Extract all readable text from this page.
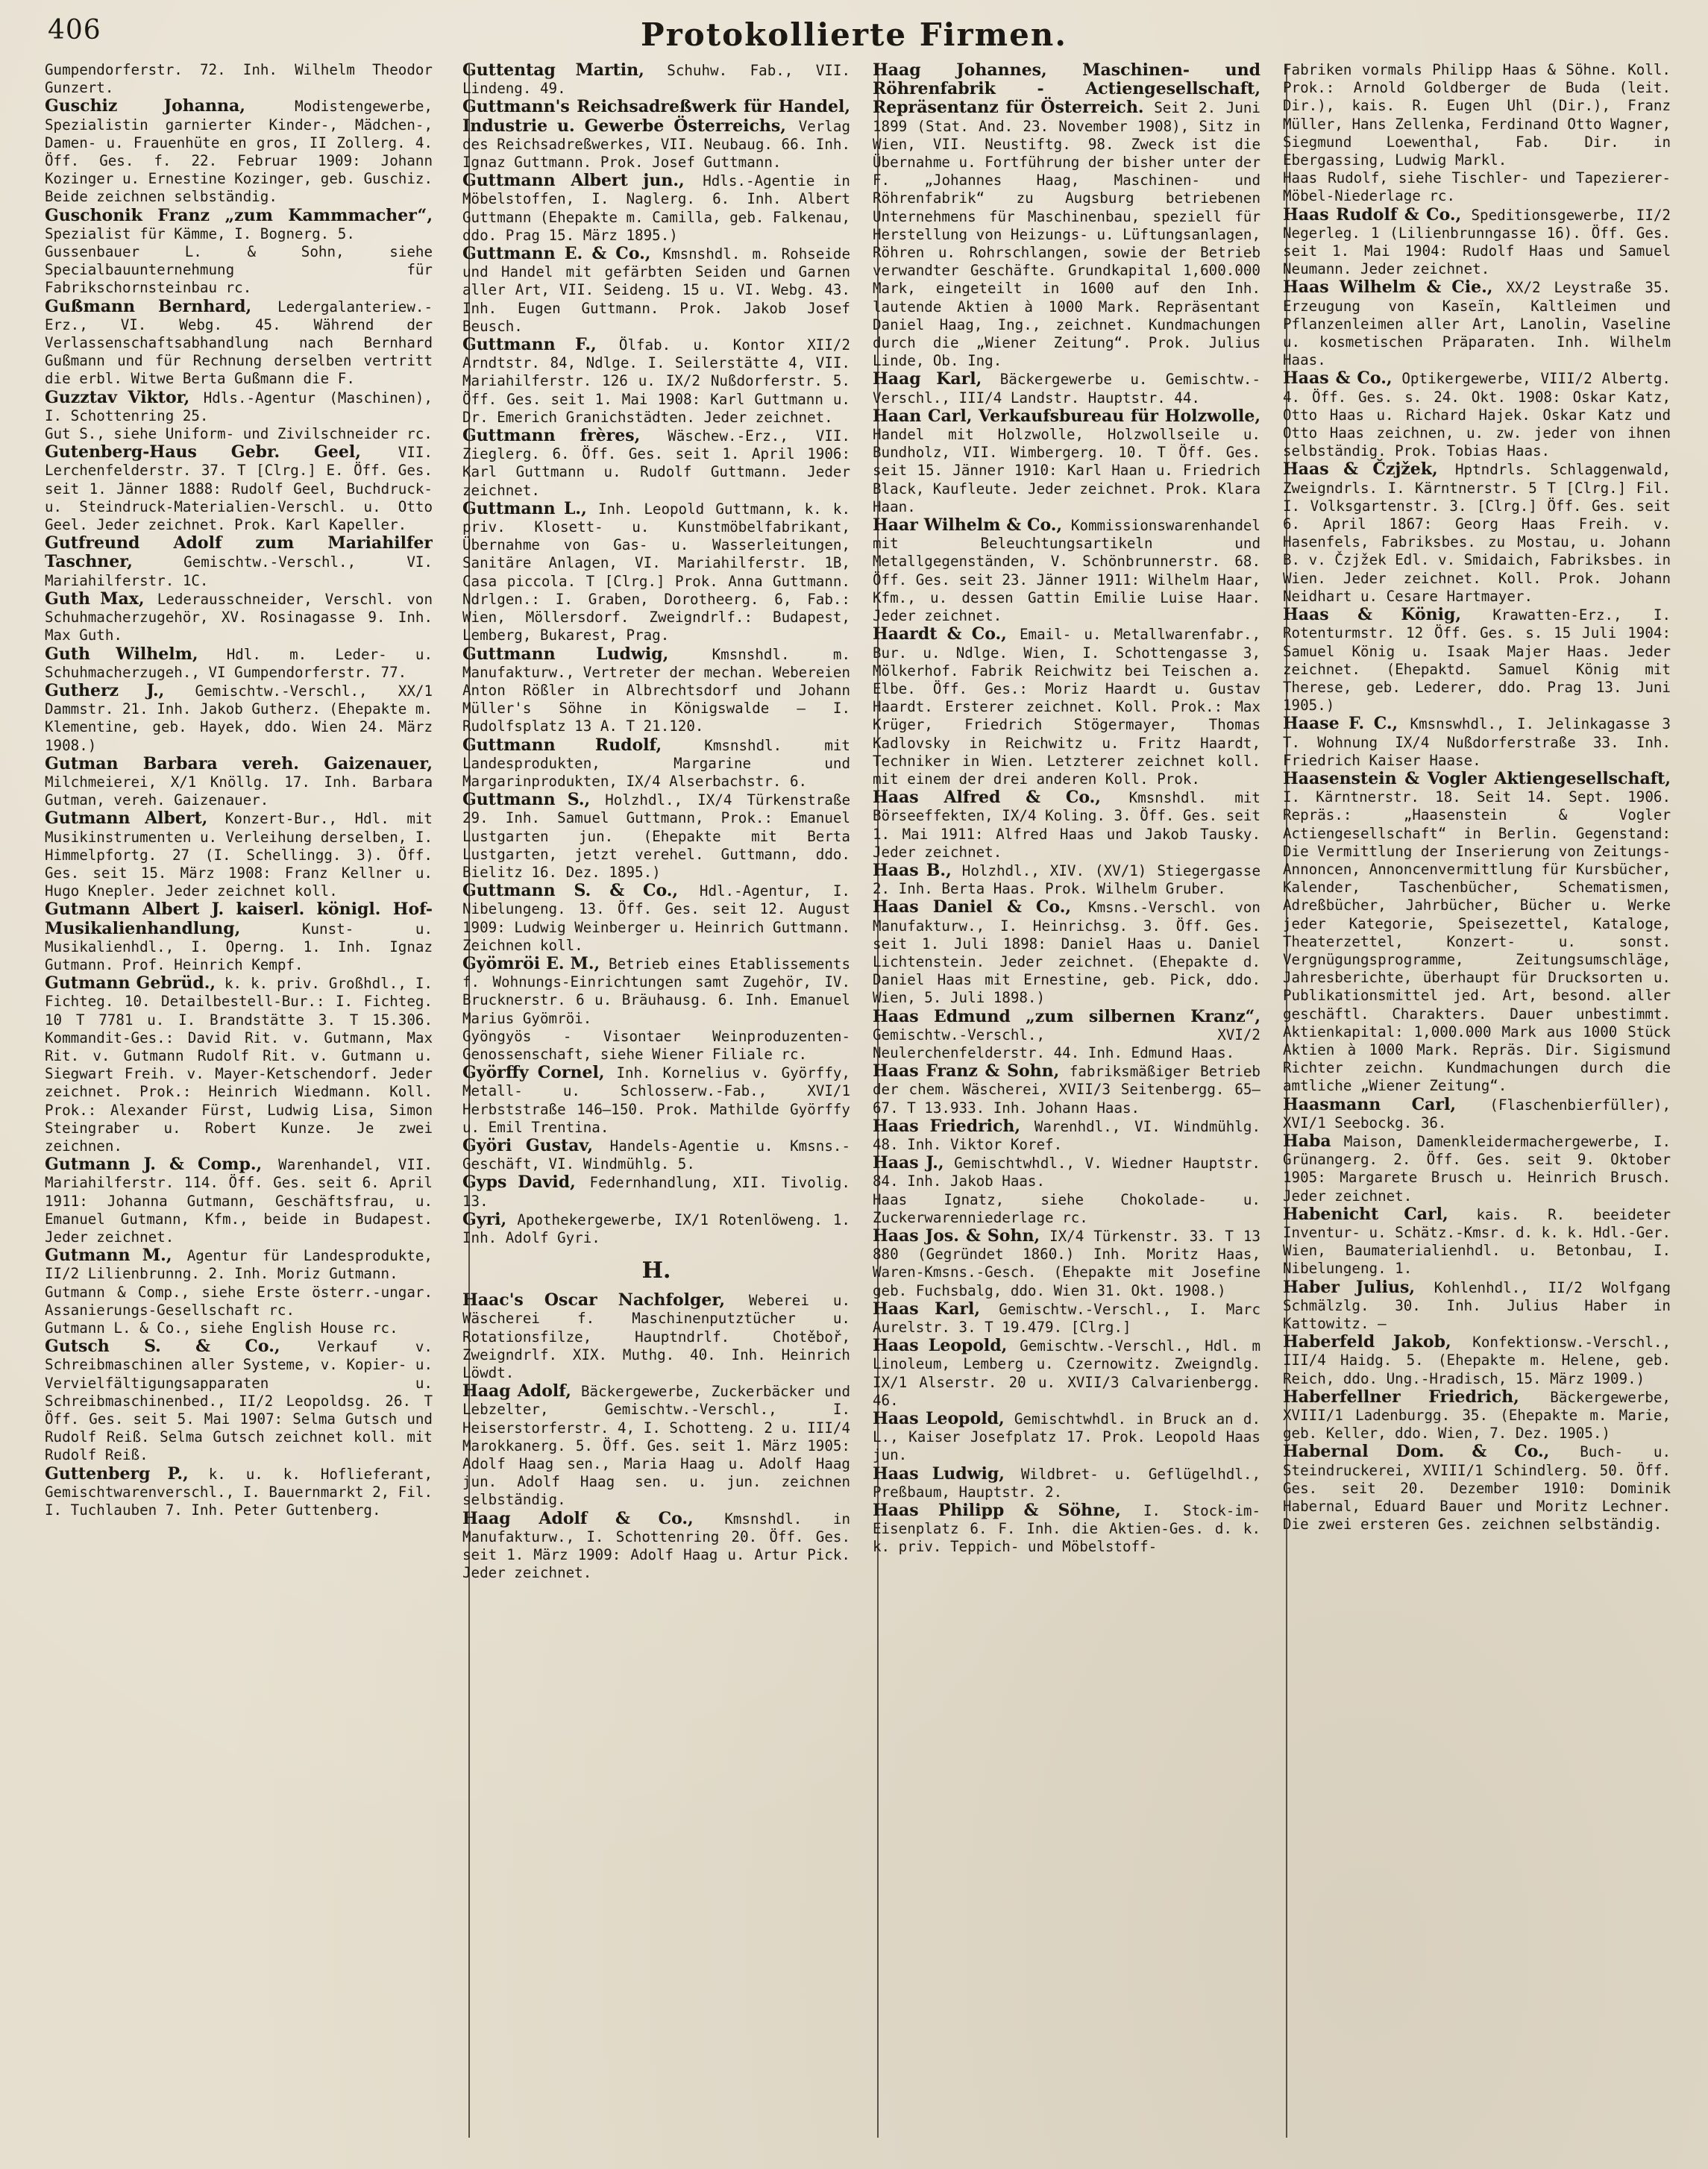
406	Protokollierte Firmen.

Gumpendorferstr. 72. Inh. Wilhelm Theodor Gunzert.

Guschiz Johanna,	Modistengewerbe, Spezialistin garnierter Kinder-, Mädchen-, Damen- u. Frauenhüte en gros, II Zollerg. 4. Öff. Ges. f. 22. Februar 1909: Johann Kozinger u. Ernestine Kozinger, geb. Guschiz. Beide zeichnen selbständig.

Guschonik Franz „zum Kammmacher“, Spezialist für Kämme, I. Bognerg. 5.

Gussenbauer L. & Sohn, siehe Specialbauunternehmung für Fabrikschornsteinbau rc.

Gußmann Bernhard, Ledergalanteriew.-Erz., VI. Webg. 45. Während der Verlassenschaftsabhandlung nach Bernhard Gußmann und für Rechnung derselben vertritt die erbl. Witwe Berta Gußmann die F.

Guzztav Viktor, Hdls.-Agentur (Maschinen), I. Schottenring 25.

Gut S., siehe Uniform- und Zivilschneider rc.

Gutenberg-Haus Gebr. Geel,	VII. Lerchenfelderstr. 37. T [Clrg.] E. Öff. Ges. seit 1. Jänner 1888: Rudolf Geel, Buchdruck- u. Steindruck-Materialien-Verschl. u. Otto Geel. Jeder zeichnet. Prok. Karl Kapeller.

Gutfreund Adolf zum Mariahilfer Taschner,	Gemischtw.-Verschl., VI. Mariahilferstr. 1C.

Guth Max, Lederausschneider, Verschl. von Schuhmacherzugehör, XV. Rosinagasse 9. Inh. Max Guth.

Guth Wilhelm, Hdl. m. Leder- u. Schuhmacherzugeh., VI Gumpendorferstr. 77.

Gutherz J., Gemischtw.-Verschl., XX/1 Dammstr. 21. Inh. Jakob Gutherz. (Ehepakte m. Klementine, geb. Hayek, ddo. Wien 24. März 1908.)

Gutman Barbara vereh. Gaizenauer, Milchmeierei, X/1 Knöllg. 17. Inh. Barbara Gutman, vereh. Gaizenauer.

Gutmann Albert, Konzert-Bur., Hdl. mit Musikinstrumenten u. Verleihung derselben, I. Himmelpfortg. 27 (I. Schellingg. 3). Öff. Ges. seit 15. März 1908: Franz Kellner u. Hugo Knepler. Jeder zeichnet koll.

Gutmann Albert J. kaiserl. königl. Hof-Musikalienhandlung,	Kunst- u. Musikalienhdl., I. Operng. 1. Inh. Ignaz Gutmann. Prof. Heinrich Kempf.

Gutmann Gebrüd., k. k. priv. Großhdl., I. Fichteg. 10. Detailbestell-Bur.: I. Fichteg. 10 T 7781 u. I. Brandstätte 3. T 15.306. Kommandit-Ges.: David Rit. v. Gutmann, Max Rit. v. Gutmann Rudolf Rit. v. Gutmann u. Siegwart Freih. v. Mayer-Ketschendorf. Jeder zeichnet. Prok.: Heinrich Wiedmann. Koll. Prok.: Alexander Fürst, Ludwig Lisa, Simon Steingraber u. Robert Kunze. Je zwei zeichnen.

Gutmann J. & Comp., Warenhandel, VII. Mariahilferstr. 114. Öff. Ges. seit 6. April 1911: Johanna Gutmann, Geschäftsfrau, u. Emanuel Gutmann, Kfm., beide in Budapest. Jeder zeichnet.

Gutmann M., Agentur für Landesprodukte, II/2 Lilienbrunng. 2. Inh. Moriz Gutmann.

Gutmann & Comp., siehe Erste österr.-ungar. Assanierungs-Gesellschaft rc.

Gutmann L. & Co., siehe English House rc.

Gutsch S. & Co.,	Verkauf v. Schreibmaschinen aller Systeme, v. Kopier- u. Vervielfältigungsapparaten u. Schreibmaschinenbed., II/2 Leopoldsg. 26. T Öff. Ges. seit 5. Mai 1907: Selma Gutsch und Rudolf Reiß. Selma Gutsch zeichnet koll. mit Rudolf Reiß.

Guttenberg P., k. u. k. Hoflieferant, Gemischtwarenverschl., I. Bauernmarkt 2, Fil. I. Tuchlauben 7. Inh. Peter Guttenberg.

Guttentag Martin, Schuhw. Fab., VII. Lindeng. 49.

Guttmann's Reichsadreßwerk für Handel, Industrie u. Gewerbe Österreichs, Verlag des Reichsadreßwerkes, VII. Neubaug. 66. Inh. Ignaz Guttmann. Prok. Josef Guttmann.

Guttmann Albert jun., Hdls.-Agentie in Möbelstoffen, I. Naglerg. 6. Inh. Albert Guttmann (Ehepakte m. Camilla, geb. Falkenau, ddo. Prag 15. März 1895.)

Guttmann E. & Co., Kmsnshdl. m. Rohseide und Handel mit gefärbten Seiden und Garnen aller Art, VII. Seideng. 15 u. VI. Webg. 43. Inh. Eugen Guttmann. Prok. Jakob Josef Beusch.

Guttmann F., Ölfab. u. Kontor XII/2 Arndtstr. 84, Ndlge. I. Seilerstätte 4, VII. Mariahilferstr. 126 u. IX/2 Nußdorferstr. 5. Öff. Ges. seit 1. Mai 1908: Karl Guttmann u. Dr. Emerich Granichstädten. Jeder zeichnet.

Guttmann frères, Wäschew.-Erz., VII. Zieglerg. 6. Öff. Ges. seit 1. April 1906: Karl Guttmann u. Rudolf Guttmann. Jeder zeichnet.

Guttmann L., Inh. Leopold Guttmann, k. k. priv. Klosett- u. Kunstmöbelfabrikant, Übernahme von Gas- u. Wasserleitungen, Sanitäre Anlagen, VI. Mariahilferstr. 1B, Casa piccola. T [Clrg.] Prok. Anna Guttmann. Ndrlgen.: I. Graben, Dorotheerg. 6, Fab.: Wien, Möllersdorf. Zweigndrlf.: Budapest, Lemberg, Bukarest, Prag.

Guttmann Ludwig,	Kmsnshdl. m. Manufakturw., Vertreter der mechan. Webereien Anton Rößler in Albrechtsdorf und Johann Müller's Söhne in Königswalde — I. Rudolfsplatz 13 A. T 21.120.

Guttmann Rudolf,	Kmsnshdl. mit Landesprodukten, Margarine und Margarinprodukten, IX/4 Alserbachstr. 6.

Guttmann S., Holzhdl., IX/4 Türkenstraße 29. Inh. Samuel Guttmann, Prok.: Emanuel Lustgarten jun. (Ehepakte mit Berta Lustgarten, jetzt verehel. Guttmann, ddo. Bielitz 16. Dez. 1895.)

Guttmann S. & Co., Hdl.-Agentur, I. Nibelungeng. 13. Öff. Ges. seit 12. August 1909: Ludwig Weinberger u. Heinrich Guttmann. Zeichnen koll.

Gyömröi E. M., Betrieb eines Etablissements f. Wohnungs-Einrichtungen samt Zugehör, IV. Brucknerstr. 6 u. Bräuhausg. 6. Inh. Emanuel Marius Gyömröi.

Gyöngyös - Visontaer Weinproduzenten-Genossenschaft, siehe Wiener Filiale rc.

Györffy Cornel, Inh. Kornelius v. Györffy, Metall- u. Schlosserw.-Fab., XVI/1 Herbststraße 146—150. Prok. Mathilde Györffy u. Emil Trentina.

Györi Gustav, Handels-Agentie u. Kmsns.-Geschäft, VI. Windmühlg. 5.

Gyps David, Federnhandlung, XII. Tivolig. 13.

Gyri, Apothekergewerbe, IX/1 Rotenlöweng. 1. Inh. Adolf Gyri.

H.

Haac's Oscar Nachfolger, Weberei u. Wäscherei f. Maschinenputztücher u. Rotationsfilze, Hauptndrlf. Chotěboř, Zweigndrlf. XIX. Muthg. 40. Inh. Heinrich Löwdt.

Haag Adolf, Bäckergewerbe, Zuckerbäcker und Lebzelter, Gemischtw.-Verschl., I. Heiserstorferstr. 4, I. Schotteng. 2 u. III/4 Marokkanerg. 5. Öff. Ges. seit 1. März 1905: Adolf Haag sen., Maria Haag u. Adolf Haag jun. Adolf Haag sen. u. jun. zeichnen selbständig.

Haag Adolf & Co., Kmsnshdl. in Manufakturw., I. Schottenring 20. Öff. Ges. seit 1. März 1909: Adolf Haag u. Artur Pick. Jeder zeichnet.

Haag Johannes, Maschinen- und Röhrenfabrik - Actiengesellschaft, Repräsentanz für Österreich. Seit 2. Juni 1899 (Stat. And. 23. November 1908), Sitz in Wien, VII. Neustiftg. 98. Zweck ist die Übernahme u. Fortführung der bisher unter der F. „Johannes Haag, Maschinen- und Röhrenfabrik“ zu Augsburg betriebenen Unternehmens für Maschinenbau, speziell für Herstellung von Heizungs- u. Lüftungsanlagen, Röhren u. Rohrschlangen, sowie der Betrieb verwandter Geschäfte. Grundkapital 1,600.000 Mark, eingeteilt in 1600 auf den Inh. lautende Aktien à 1000 Mark. Repräsentant Daniel Haag, Ing., zeichnet. Kundmachungen durch die „Wiener Zeitung“. Prok. Julius Linde, Ob. Ing.

Haag Karl, Bäckergewerbe u. Gemischtw.-Verschl., III/4 Landstr. Hauptstr. 44.

Haan Carl, Verkaufsbureau für Holzwolle, Handel mit Holzwolle, Holzwollseile u. Bundholz, VII. Wimbergerg. 10. T Öff. Ges. seit 15. Jänner 1910: Karl Haan u. Friedrich Black, Kaufleute. Jeder zeichnet. Prok. Klara Haan.

Haar Wilhelm & Co., Kommissionswarenhandel mit Beleuchtungsartikeln und Metallgegenständen, V. Schönbrunnerstr. 68. Öff. Ges. seit 23. Jänner 1911: Wilhelm Haar, Kfm., u. dessen Gattin Emilie Luise Haar. Jeder zeichnet.

Haardt & Co., Email- u. Metallwarenfabr., Bur. u. Ndlge. Wien, I. Schottengasse 3, Mölkerhof. Fabrik Reichwitz bei Teischen a. Elbe. Öff. Ges.: Moriz Haardt u. Gustav Haardt. Ersterer zeichnet. Koll. Prok.: Max Krüger, Friedrich Stögermayer, Thomas Kadlovsky in Reichwitz u. Fritz Haardt, Techniker in Wien. Letzterer zeichnet koll. mit einem der drei anderen Koll. Prok.

Haas Alfred & Co., Kmsnshdl. mit Börseeffekten, IX/4 Koling. 3. Öff. Ges. seit 1. Mai 1911: Alfred Haas und Jakob Tausky. Jeder zeichnet.

Haas B., Holzhdl., XIV. (XV/1) Stiegergasse 2. Inh. Berta Haas. Prok. Wilhelm Gruber.

Haas Daniel & Co., Kmsns.-Verschl. von Manufakturw., I. Heinrichsg. 3. Öff. Ges. seit 1. Juli 1898: Daniel Haas u. Daniel Lichtenstein. Jeder zeichnet. (Ehepakte d. Daniel Haas mit Ernestine, geb. Pick, ddo. Wien, 5. Juli 1898.)

Haas Edmund „zum silbernen Kranz“, Gemischtw.-Verschl., XVI/2 Neulerchenfelderstr. 44. Inh. Edmund Haas.

Haas Franz & Sohn, fabriksmäßiger Betrieb der chem. Wäscherei, XVII/3 Seitenbergg. 65—67. T 13.933. Inh. Johann Haas.

Haas Friedrich, Warenhdl., VI. Windmühlg. 48. Inh. Viktor Koref.

Haas J., Gemischtwhdl., V. Wiedner Hauptstr. 84. Inh. Jakob Haas.

Haas Ignatz, siehe Chokolade- u. Zuckerwarenniederlage rc.

Haas Jos. & Sohn, IX/4 Türkenstr. 33. T 13 880 (Gegründet 1860.) Inh. Moritz Haas, Waren-Kmsns.-Gesch. (Ehepakte mit Josefine geb. Fuchsbalg, ddo. Wien 31. Okt. 1908.)

Haas Karl, Gemischtw.-Verschl., I. Marc Aurelstr. 3. T 19.479. [Clrg.]

Haas Leopold, Gemischtw.-Verschl., Hdl. m Linoleum, Lemberg u. Czernowitz. Zweigndlg. IX/1 Alserstr. 20 u. XVII/3 Calvarienbergg. 46.

Haas Leopold, Gemischtwhdl. in Bruck an d. L., Kaiser Josefplatz 17. Prok. Leopold Haas jun.

Haas Ludwig, Wildbret- u. Geflügelhdl., Preßbaum, Hauptstr. 2.

Haas Philipp & Söhne, I. Stock-im-Eisenplatz 6. F. Inh. die Aktien-Ges. d. k. k. priv. Teppich- und Möbelstoff-

Fabriken vormals Philipp Haas & Söhne. Koll. Prok.: Arnold Goldberger de Buda (leit. Dir.), kais. R. Eugen Uhl (Dir.), Franz Müller, Hans Zellenka, Ferdinand Otto Wagner, Siegmund Loewenthal, Fab. Dir. in Ebergassing, Ludwig Markl.

Haas Rudolf, siehe Tischler- und Tapezierer-Möbel-Niederlage rc.

Haas Rudolf & Co., Speditionsgewerbe, II/2 Negerleg. 1 (Lilienbrunngasse 16). Öff. Ges. seit 1. Mai 1904: Rudolf Haas und Samuel Neumann. Jeder zeichnet.

Haas Wilhelm & Cie., XX/2 Leystraße 35. Erzeugung von Kaseïn, Kaltleimen und Pflanzenleimen aller Art, Lanolin, Vaseline u. kosmetischen Präparaten. Inh. Wilhelm Haas.

Haas & Co., Optikergewerbe, VIII/2 Albertg. 4. Öff. Ges. s. 24. Okt. 1908: Oskar Katz, Otto Haas u. Richard Hajek. Oskar Katz und Otto Haas zeichnen, u. zw. jeder von ihnen selbständig. Prok. Tobias Haas.

Haas & Čzjžek, Hptndrls. Schlaggenwald, Zweigndrls. I. Kärntnerstr. 5 T [Clrg.] Fil. I. Volksgartenstr. 3. [Clrg.] Öff. Ges. seit 6. April 1867: Georg Haas Freih. v. Hasenfels, Fabriksbes. zu Mostau, u. Johann B. v. Čzjžek Edl. v. Smidaich, Fabriksbes. in Wien. Jeder zeichnet. Koll. Prok. Johann Neidhart u. Cesare Hartmayer.

Haas & König, Krawatten-Erz., I. Rotenturmstr. 12 Öff. Ges. s. 15 Juli 1904: Samuel König u. Isaak Majer Haas. Jeder zeichnet. (Ehepaktd. Samuel König mit Therese, geb. Lederer, ddo. Prag 13. Juni 1905.)

Haase F. C., Kmsnswhdl., I. Jelinkagasse 3 T. Wohnung IX/4 Nußdorferstraße 33. Inh. Friedrich Kaiser Haase.

Haasenstein & Vogler Aktiengesellschaft, I. Kärntnerstr. 18. Seit 14. Sept. 1906. Repräs.: „Haasenstein & Vogler Actiengesellschaft“ in Berlin. Gegenstand: Die Vermittlung der Inserierung von Zeitungs-Annoncen, Annoncenvermittlung für Kursbücher, Kalender, Taschenbücher, Schematismen, Adreßbücher, Jahrbücher, Bücher u. Werke jeder Kategorie, Speisezettel, Kataloge, Theaterzettel, Konzert- u. sonst. Vergnügungsprogramme, Zeitungsumschläge, Jahresberichte, überhaupt für Drucksorten u. Publikationsmittel jed. Art, besond. aller geschäftl. Charakters. Dauer unbestimmt. Aktienkapital: 1,000.000 Mark aus 1000 Stück Aktien à 1000 Mark. Repräs. Dir. Sigismund Richter zeichn. Kundmachungen durch die amtliche „Wiener Zeitung“.

Haasmann Carl, (Flaschenbierfüller), XVI/1 Seebockg. 36.

Haba Maison, Damenkleidermachergewerbe, I. Grünangerg. 2. Öff. Ges. seit 9. Oktober 1905: Margarete Brusch u. Heinrich Brusch. Jeder zeichnet.

Habenicht Carl, kais. R. beeideter Inventur- u. Schätz.-Kmsr. d. k. k. Hdl.-Ger. Wien, Baumaterialienhdl. u. Betonbau, I. Nibelungeng. 1.

Haber Julius, Kohlenhdl., II/2 Wolfgang Schmälzlg. 30. Inh. Julius Haber in Kattowitz. —

Haberfeld Jakob, Konfektionsw.-Verschl., III/4 Haidg. 5. (Ehepakte m. Helene, geb. Reich, ddo. Ung.-Hradisch, 15. März 1909.)

Haberfellner Friedrich, Bäckergewerbe, XVIII/1 Ladenburgg. 35. (Ehepakte m. Marie, geb. Keller, ddo. Wien, 7. Dez. 1905.)

Habernal Dom. & Co., Buch- u. Steindruckerei, XVIII/1 Schindlerg. 50. Öff. Ges. seit 20. Dezember 1910: Dominik Habernal, Eduard Bauer und Moritz Lechner. Die zwei ersteren Ges. zeichnen selbständig.
